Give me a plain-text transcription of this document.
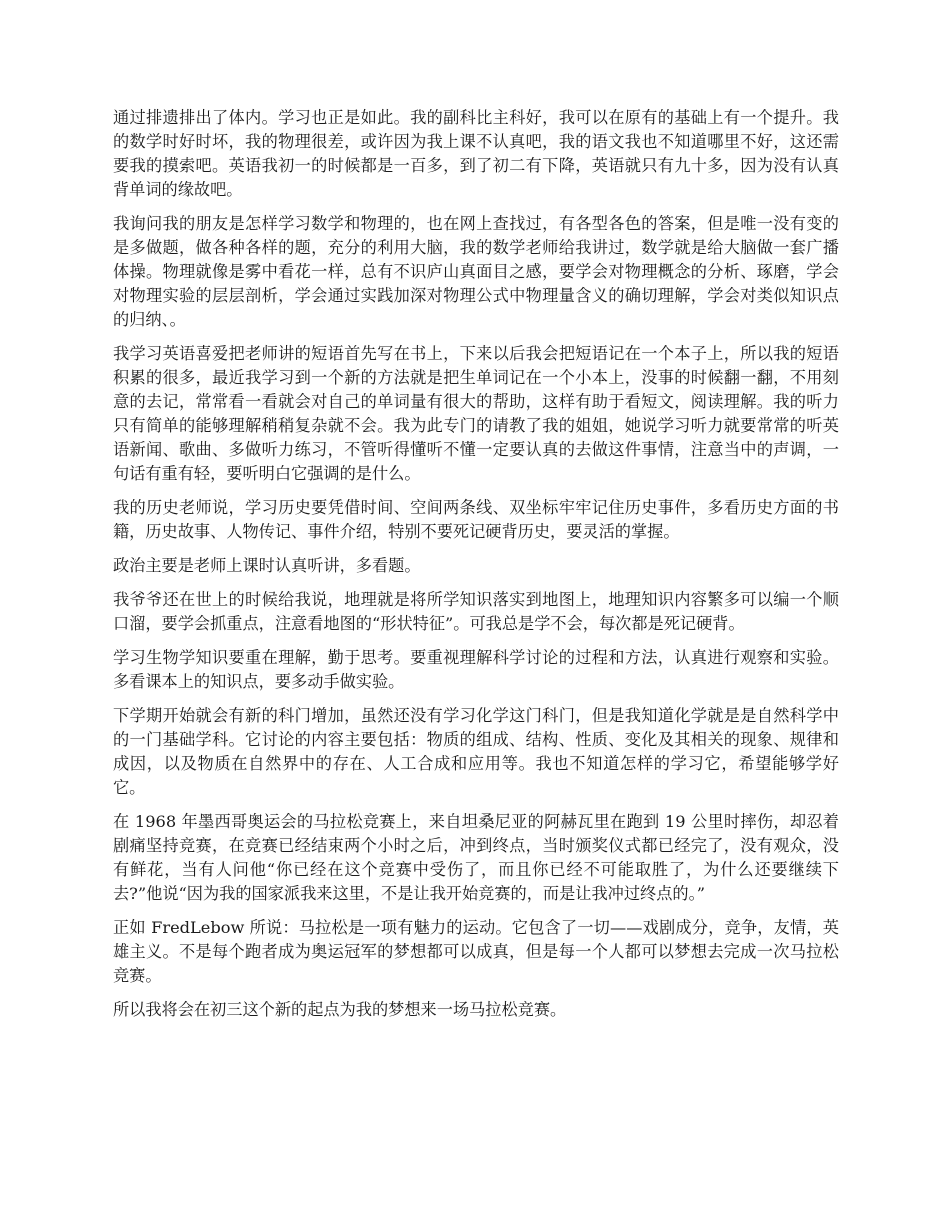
通过排遗排出了体内。学习也正是如此。我的副科比主科好，我可以在原有的基础上有一个提升。我的数学时好时坏，我的物理很差，或许因为我上课不认真吧，我的语文我也不知道哪里不好，这还需要我的摸索吧。英语我初一的时候都是一百多，到了初二有下降，英语就只有九十多，因为没有认真背单词的缘故吧。

我询问我的朋友是怎样学习数学和物理的，也在网上查找过，有各型各色的答案，但是唯一没有变的是多做题，做各种各样的题，充分的利用大脑，我的数学老师给我讲过，数学就是给大脑做一套广播体操。物理就像是雾中看花一样，总有不识庐山真面目之感，要学会对物理概念的分析、琢磨，学会对物理实验的层层剖析，学会通过实践加深对物理公式中物理量含义的确切理解，学会对类似知识点的归纳、。

我学习英语喜爱把老师讲的短语首先写在书上，下来以后我会把短语记在一个本子上，所以我的短语积累的很多，最近我学习到一个新的方法就是把生单词记在一个小本上，没事的时候翻一翻，不用刻意的去记，常常看一看就会对自己的单词量有很大的帮助，这样有助于看短文，阅读理解。我的听力只有简单的能够理解稍稍复杂就不会。我为此专门的请教了我的姐姐，她说学习听力就要常常的听英语新闻、歌曲、多做听力练习，不管听得懂听不懂一定要认真的去做这件事情，注意当中的声调，一句话有重有轻，要听明白它强调的是什么。

我的历史老师说，学习历史要凭借时间、空间两条线、双坐标牢牢记住历史事件，多看历史方面的书籍，历史故事、人物传记、事件介绍，特别不要死记硬背历史，要灵活的掌握。

政治主要是老师上课时认真听讲，多看题。

我爷爷还在世上的时候给我说，地理就是将所学知识落实到地图上，地理知识内容繁多可以编一个顺口溜，要学会抓重点，注意看地图的“形状特征”。可我总是学不会，每次都是死记硬背。

学习生物学知识要重在理解，勤于思考。要重视理解科学讨论的过程和方法，认真进行观察和实验。多看课本上的知识点，要多动手做实验。

下学期开始就会有新的科门增加，虽然还没有学习化学这门科门，但是我知道化学就是是自然科学中的一门基础学科。它讨论的内容主要包括：物质的组成、结构、性质、变化及其相关的现象、规律和成因，以及物质在自然界中的存在、人工合成和应用等。我也不知道怎样的学习它，希望能够学好它。

在 1968 年墨西哥奥运会的马拉松竞赛上，来自坦桑尼亚的阿赫瓦里在跑到 19 公里时摔伤，却忍着剧痛坚持竞赛，在竞赛已经结束两个小时之后，冲到终点，当时颁奖仪式都已经完了，没有观众，没有鲜花，当有人问他“你已经在这个竞赛中受伤了，而且你已经不可能取胜了，为什么还要继续下去?”他说“因为我的国家派我来这里，不是让我开始竞赛的，而是让我冲过终点的。”

正如 FredLebow 所说：马拉松是一项有魅力的运动。它包含了一切——戏剧成分，竞争，友情，英雄主义。不是每个跑者成为奥运冠军的梦想都可以成真，但是每一个人都可以梦想去完成一次马拉松竞赛。

所以我将会在初三这个新的起点为我的梦想来一场马拉松竞赛。
